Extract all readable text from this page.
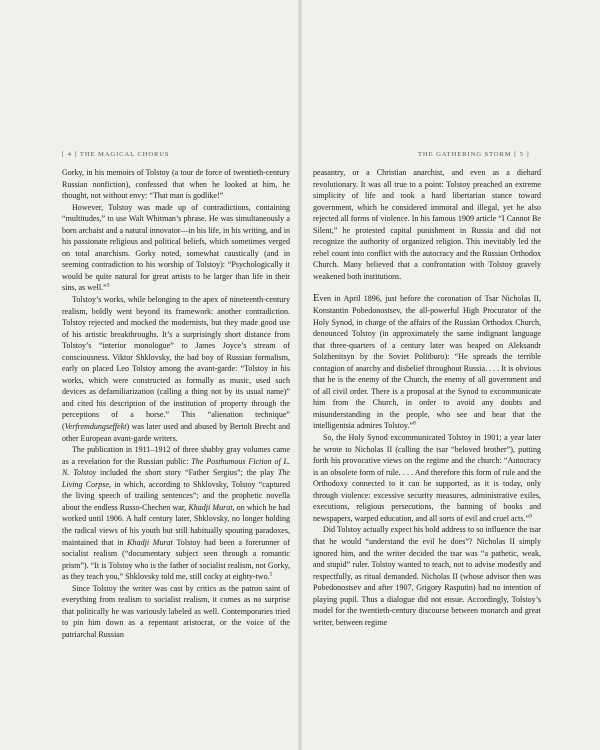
[ 4 ] THE MAGICAL CHORUS

Gorky, in his memoirs of Tolstoy (a tour de force of twentieth-century Russian nonfiction), confessed that when he looked at him, he thought, not without envy: “That man is godlike!”

However, Tolstoy was made up of contradictions, containing “multitudes,” to use Walt Whitman’s phrase. He was simultaneously a born archaist and a natural innovator—in his life, in his writing, and in his passionate religious and political beliefs, which sometimes verged on total anarchism. Gorky noted, somewhat caustically (and in seeming contradiction to his worship of Tolstoy): “Psychologically it would be quite natural for great artists to be larger than life in their sins, as well.”$^3$

Tolstoy’s works, while belonging to the apex of nineteenth-century realism, boldly went beyond its framework: another contradiction. Tolstoy rejected and mocked the modernists, but they made good use of his artistic breakthroughs. It’s a surprisingly short distance from Tolstoy’s “interior monologue” to James Joyce’s stream of consciousness. Viktor Shklovsky, the bad boy of Russian formalism, early on placed Leo Tolstoy among the avant-garde: “Tolstoy in his works, which were constructed as formally as music, used such devices as defamiliarization (calling a thing not by its usual name)” and cited his description of the institution of property through the perceptions of a horse.” This “alienation technique” (Verfremdungseffekt) was later used and abused by Bertolt Brecht and other European avant-garde writers.

The publication in 1911–1912 of three shabby gray volumes came as a revelation for the Russian public: The Posthumous Fiction of L. N. Tolstoy included the short story “Father Sergius”; the play The Living Corpse, in which, according to Shklovsky, Tolstoy “captured the living speech of trailing sentences”; and the prophetic novella about the endless Russo-Chechen war, Khadji Murat, on which he had worked until 1906. A half century later, Shklovsky, no longer holding the radical views of his youth but still habitually spouting paradoxes, maintained that in Khadji Murat Tolstoy had been a forerunner of socialist realism (“documentary subject seen through a romantic prism”). “It is Tolstoy who is the father of socialist realism, not Gorky, as they teach you,” Shklovsky told me, still cocky at eighty-two.$^5$

Since Tolstoy the writer was cast by critics as the patron saint of everything from realism to socialist realism, it comes as no surprise that politically he was variously labeled as well. Contemporaries tried to pin him down as a repentant aristocrat, or the voice of the patriarchal Russian

THE GATHERING STORM [ 5 ]

peasantry, or a Christian anarchist, and even as a diehard revolutionary. It was all true to a point: Tolstoy preached an extreme simplicity of life and took a hard libertarian stance toward government, which he considered immoral and illegal, yet he also rejected all forms of violence. In his famous 1909 article “I Cannot Be Silent,” he protested capital punishment in Russia and did not recognize the authority of organized religion. This inevitably led the rebel count into conflict with the autocracy and the Russian Orthodox Church. Many believed that a confrontation with Tolstoy gravely weakened both institutions.

Even in April 1896, just before the coronation of Tsar Nicholas II, Konstantin Pobedonostsev, the all-powerful High Procurator of the Holy Synod, in charge of the affairs of the Russian Orthodox Church, denounced Tolstoy (in approximately the same indignant language that three-quarters of a century later was heaped on Aleksandr Solzhenitsyn by the Soviet Politburo): “He spreads the terrible contagion of anarchy and disbelief throughout Russia. . . . It is obvious that he is the enemy of the Church, the enemy of all government and of all civil order. There is a proposal at the Synod to excommunicate him from the Church, in order to avoid any doubts and misunderstanding in the people, who see and hear that the intelligentsia admires Tolstoy.”$^8$

So, the Holy Synod excommunicated Tolstoy in 1901; a year later he wrote to Nicholas II (calling the tsar “beloved brother”), putting forth his provocative views on the regime and the church: “Autocracy is an obsolete form of rule. . . . And therefore this form of rule and the Orthodoxy connected to it can be supported, as it is today, only through violence: excessive security measures, administrative exiles, executions, religious persecutions, the banning of books and newspapers, warped education, and all sorts of evil and cruel acts.”$^9$

Did Tolstoy actually expect his bold address to so influence the tsar that he would “understand the evil he does”? Nicholas II simply ignored him, and the writer decided the tsar was “a pathetic, weak, and stupid” ruler. Tolstoy wanted to teach, not to advise modestly and respectfully, as ritual demanded. Nicholas II (whose advisor then was Pobedonostsev and after 1907, Grigory Rasputin) had no intention of playing pupil. Thus a dialogue did not ensue. Accordingly, Tolstoy’s model for the twentieth-century discourse between monarch and great writer, between regime
